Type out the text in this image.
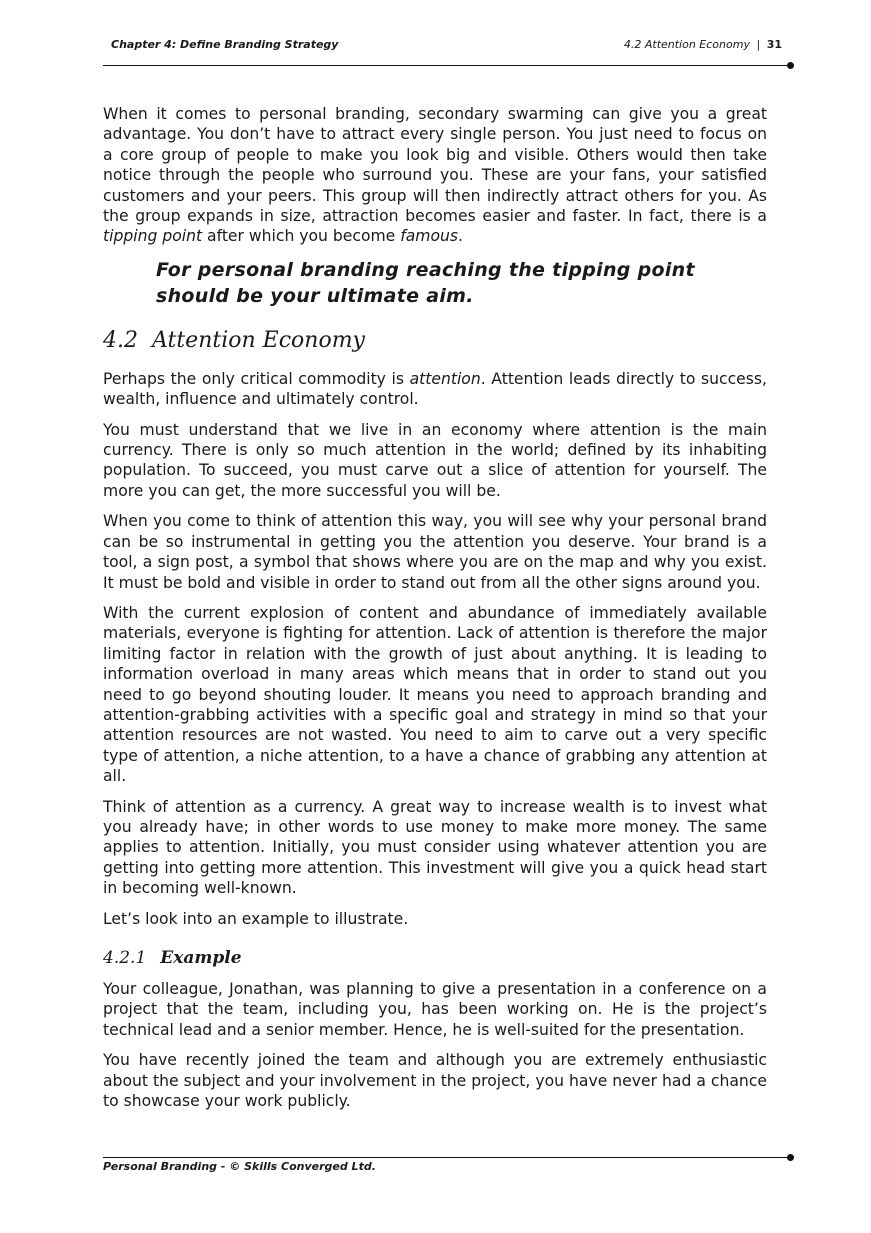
Chapter 4: Define Branding Strategy	4.2 Attention Economy | 31

When it comes to personal branding, secondary swarming can give you a great advantage. You don’t have to attract every single person. You just need to focus on a core group of people to make you look big and visible. Others would then take notice through the people who surround you. These are your fans, your satisfied customers and your peers. This group will then indirectly attract others for you. As the group expands in size, attraction becomes easier and faster. In fact, there is a tipping point after which you become famous.

For personal branding reaching the tipping point should be your ultimate aim.

4.2 Attention Economy

Perhaps the only critical commodity is attention. Attention leads directly to success, wealth, influence and ultimately control.

You must understand that we live in an economy where attention is the main currency. There is only so much attention in the world; defined by its inhabiting population. To succeed, you must carve out a slice of attention for yourself. The more you can get, the more successful you will be.

When you come to think of attention this way, you will see why your personal brand can be so instrumental in getting you the attention you deserve. Your brand is a tool, a sign post, a symbol that shows where you are on the map and why you exist. It must be bold and visible in order to stand out from all the other signs around you.

With the current explosion of content and abundance of immediately available materials, everyone is fighting for attention. Lack of attention is therefore the major limiting factor in relation with the growth of just about anything. It is leading to information overload in many areas which means that in order to stand out you need to go beyond shouting louder. It means you need to approach branding and attention-grabbing activities with a specific goal and strategy in mind so that your attention resources are not wasted. You need to aim to carve out a very specific type of attention, a niche attention, to a have a chance of grabbing any attention at all.

Think of attention as a currency. A great way to increase wealth is to invest what you already have; in other words to use money to make more money. The same applies to attention. Initially, you must consider using whatever attention you are getting into getting more attention. This investment will give you a quick head start in becoming well-known.

Let’s look into an example to illustrate.

4.2.1 Example

Your colleague, Jonathan, was planning to give a presentation in a conference on a project that the team, including you, has been working on. He is the project’s technical lead and a senior member. Hence, he is well-suited for the presentation.

You have recently joined the team and although you are extremely enthusiastic about the subject and your involvement in the project, you have never had a chance to showcase your work publicly.

Personal Branding - © Skills Converged Ltd.
